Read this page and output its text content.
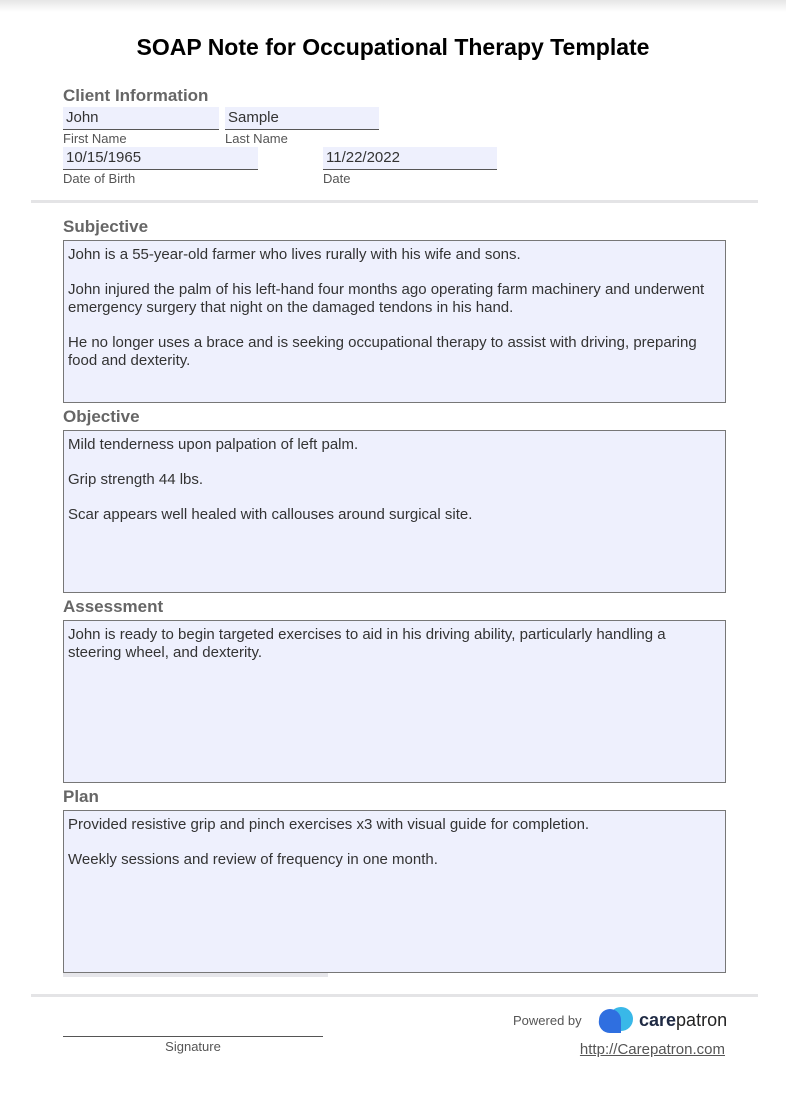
SOAP Note for Occupational Therapy Template
Client Information
John
First Name
Sample
Last Name
10/15/1965
Date of Birth
11/22/2022
Date
Subjective

John is a 55-year-old farmer who lives rurally with his wife and sons.

John injured the palm of his left-hand four months ago operating farm machinery and underwent emergency surgery that night on the damaged tendons in his hand.

He no longer uses a brace and is seeking occupational therapy to assist with driving, preparing food and dexterity.

Objective

Mild tenderness upon palpation of left palm.

Grip strength 44 lbs.

Scar appears well healed with callouses around surgical site.

Assessment

John is ready to begin targeted exercises to aid in his driving ability, particularly handling a steering wheel, and dexterity.

Plan

Provided resistive grip and pinch exercises x3 with visual guide for completion.

Weekly sessions and review of frequency in one month.

Signature
Powered by	carepatron
http://Carepatron.com
